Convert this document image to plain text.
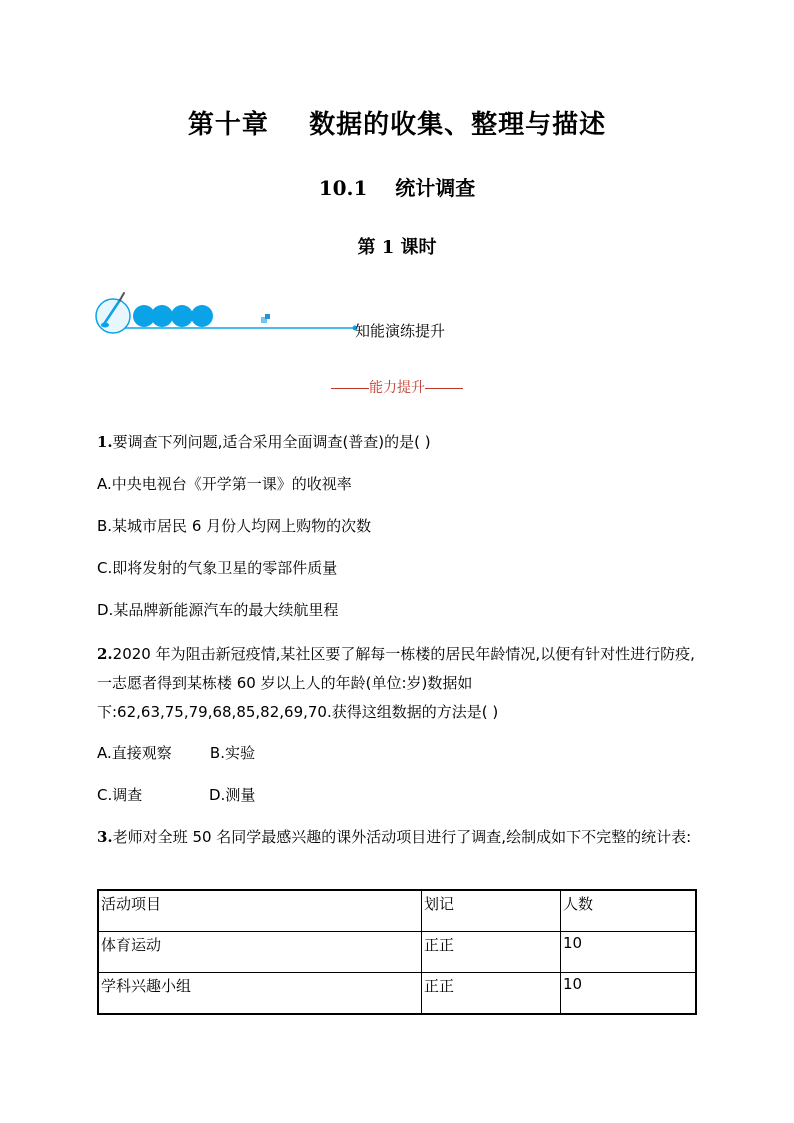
第十章    数据的收集、整理与描述
10.1    统计调查
第 1 课时
知能演练提升
能力提升
1.要调查下列问题,适合采用全面调查(普查)的是( )
A.中央电视台《开学第一课》的收视率
B.某城市居民 6 月份人均网上购物的次数
C.即将发射的气象卫星的零部件质量
D.某品牌新能源汽车的最大续航里程
2.2020 年为阻击新冠疫情,某社区要了解每一栋楼的居民年龄情况,以便有针对性进行防疫,一志愿者得到某栋楼 60 岁以上人的年龄(单位:岁)数据如下:62,63,75,79,68,85,82,69,70.获得这组数据的方法是( )
A.直接观察        B.实验
C.调查              D.测量
3.老师对全班 50 名同学最感兴趣的课外活动项目进行了调查,绘制成如下不完整的统计表:
活动项目	划记	人数
体育运动	正正	10
学科兴趣小组	正正	10
